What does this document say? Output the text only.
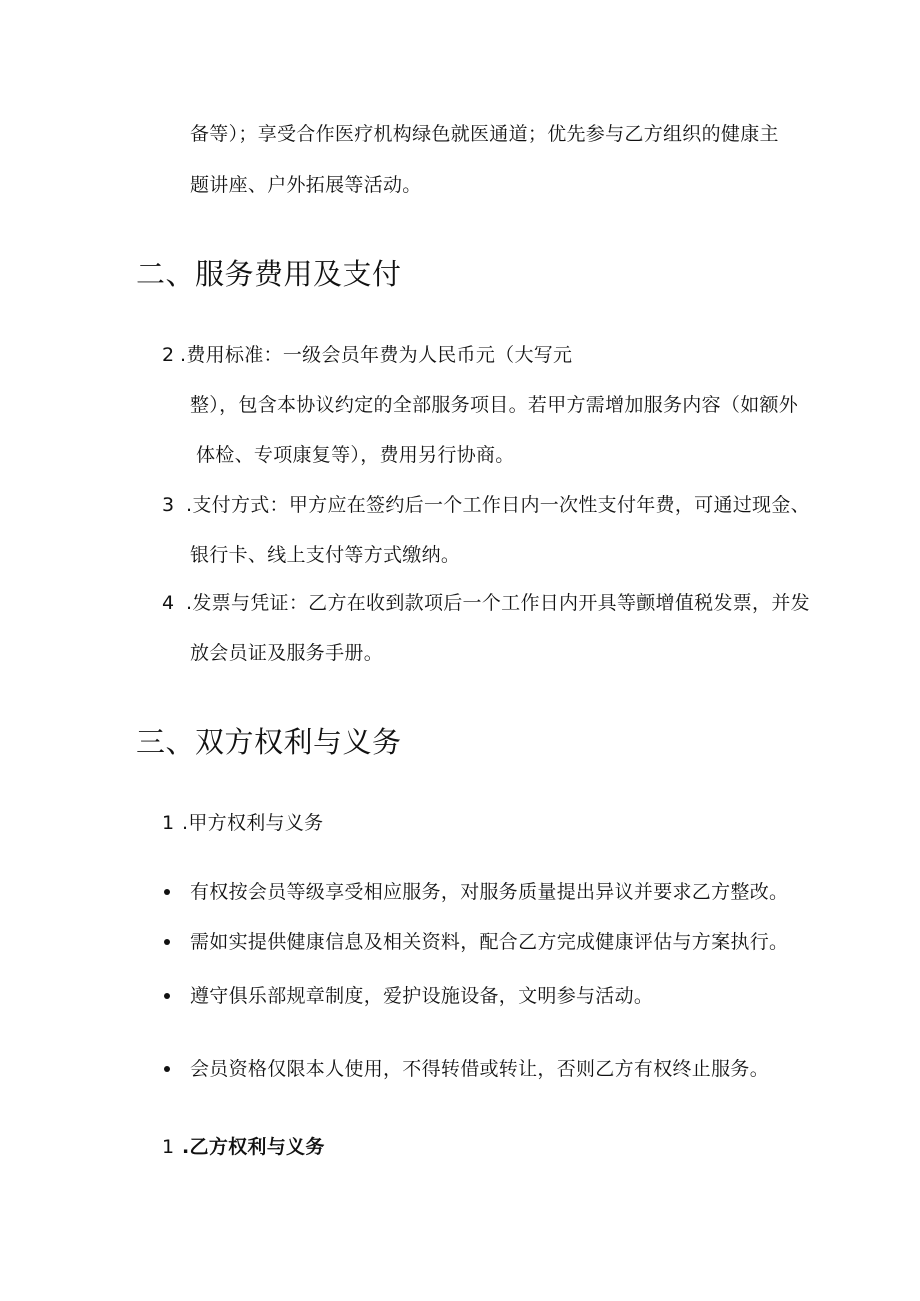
备等）；享受合作医疗机构绿色就医通道；优先参与乙方组织的健康主
题讲座、户外拓展等活动。
二、服务费用及支付
2 .费用标准：一级会员年费为人民币元（大写元
整），包含本协议约定的全部服务项目。若甲方需增加服务内容（如额外
体检、专项康复等），费用另行协商。
3 .支付方式：甲方应在签约后一个工作日内一次性支付年费，可通过现金、
银行卡、线上支付等方式缴纳。
4 .发票与凭证：乙方在收到款项后一个工作日内开具等颤增值税发票，并发
放会员证及服务手册。
三、双方权利与义务
1 .甲方权利与义务
有权按会员等级享受相应服务，对服务质量提出异议并要求乙方整改。
需如实提供健康信息及相关资料，配合乙方完成健康评估与方案执行。
遵守俱乐部规章制度，爱护设施设备，文明参与活动。
会员资格仅限本人使用，不得转借或转让，否则乙方有权终止服务。
1 .乙方权利与义务
